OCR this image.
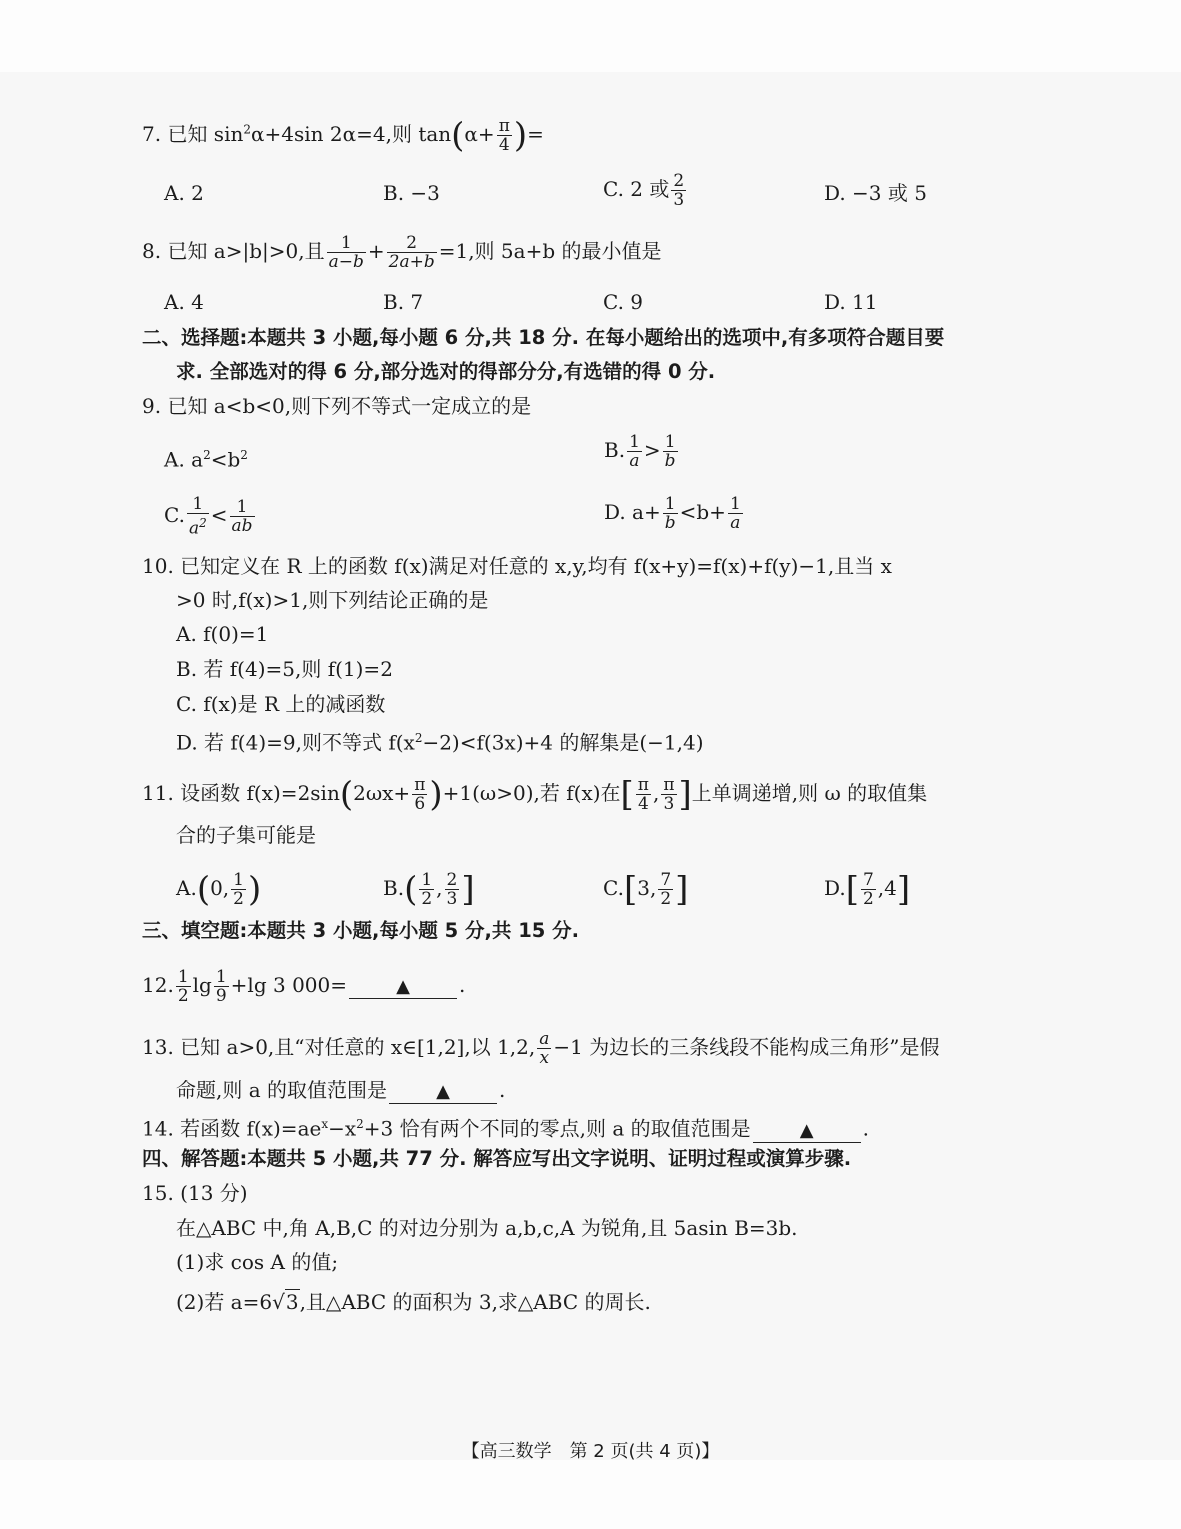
7. 已知 $\sin^2\alpha+4\sin$ 2α=4,则 $\tan(\alpha+ \frac{\pi}{4}$ )=
A. 2	B. −3	C. 2 或 $\frac{2}{3}$	D. −3 或 5
8. 已知 a>|b|>0,且 $\frac{1}{a-b} + \frac{2}{2a+b} =1$,则 5a+b 的最小值是
A. 4	B. 7	C. 9	D. 11
二、选择题:本题共 3 小题,每小题 6 分,共 18 分. 在每小题给出的选项中,有多项符合题目要
求. 全部选对的得 6 分,部分选对的得部分分,有选错的得 0 分.
9. 已知 a<b<0,则下列不等式一定成立的是
A. $a^2<b^2$	B. $\frac{1}{a} > \frac{1}{b}$
C. $\frac{1}{a^2} < \frac{1}{ab}$	D. $a+ \frac{1}{b} <b+ \frac{1}{a}$
10. 已知定义在 R 上的函数 f(x)满足对任意的 x,y,均有 f(x+y)=f(x)+f(y)−1,且当 x
>0 时,f(x)>1,则下列结论正确的是
A. f(0)=1
B. 若 f(4)=5,则 f(1)=2
C. f(x)是 R 上的减函数
D. 若 f(4)=9,则不等式 $f(x^2-2)<f(3x)+4$ 的解集是(−1,4)
11. 设函数 $f(x)=2\sin(2\omega x+ \frac{\pi}{6} )+1(\omega>0)$,若 f(x)在[ $\frac{\pi}{4}$ , $\frac{\pi}{3}$ ]上单调递增,则 ω 的取值集
合的子集可能是
A.(0, $\frac{1}{2}$ )	$B.( \frac{1}{2}$ , $\frac{2}{3}$ ]	C.[3, $\frac{7}{2}$ ]	$D.[ \frac{7}{2} ,4]$
三、填空题:本题共 3 小题,每小题 5 分,共 15 分.
12. $\frac{1}{2}$ $\lg \frac{1}{9} +\lg$ 3 000=	▲ .
13. 已知 a>0,且“对任意的 x∈[1,2],以 1,2, $\frac{a}{x} -1$ 为边长的三条线段不能构成三角形”是假
命题,则 a 的取值范围是	▲ .
14. 若函数 $f(x)=ae^x-x^2+3$ 恰有两个不同的零点,则 a 的取值范围是	▲ .
四、解答题:本题共 5 小题,共 77 分. 解答应写出文字说明、证明过程或演算步骤.
15. (13 分)
在△ABC 中,角 A,B,C 的对边分别为 a,b,c,A 为锐角,且 5asin B=3b.
(1)求 cos A 的值;
(2)若 a=6√3,且△ABC 的面积为 3,求△ABC 的周长.
【高三数学　第 2 页(共 4 页)】
